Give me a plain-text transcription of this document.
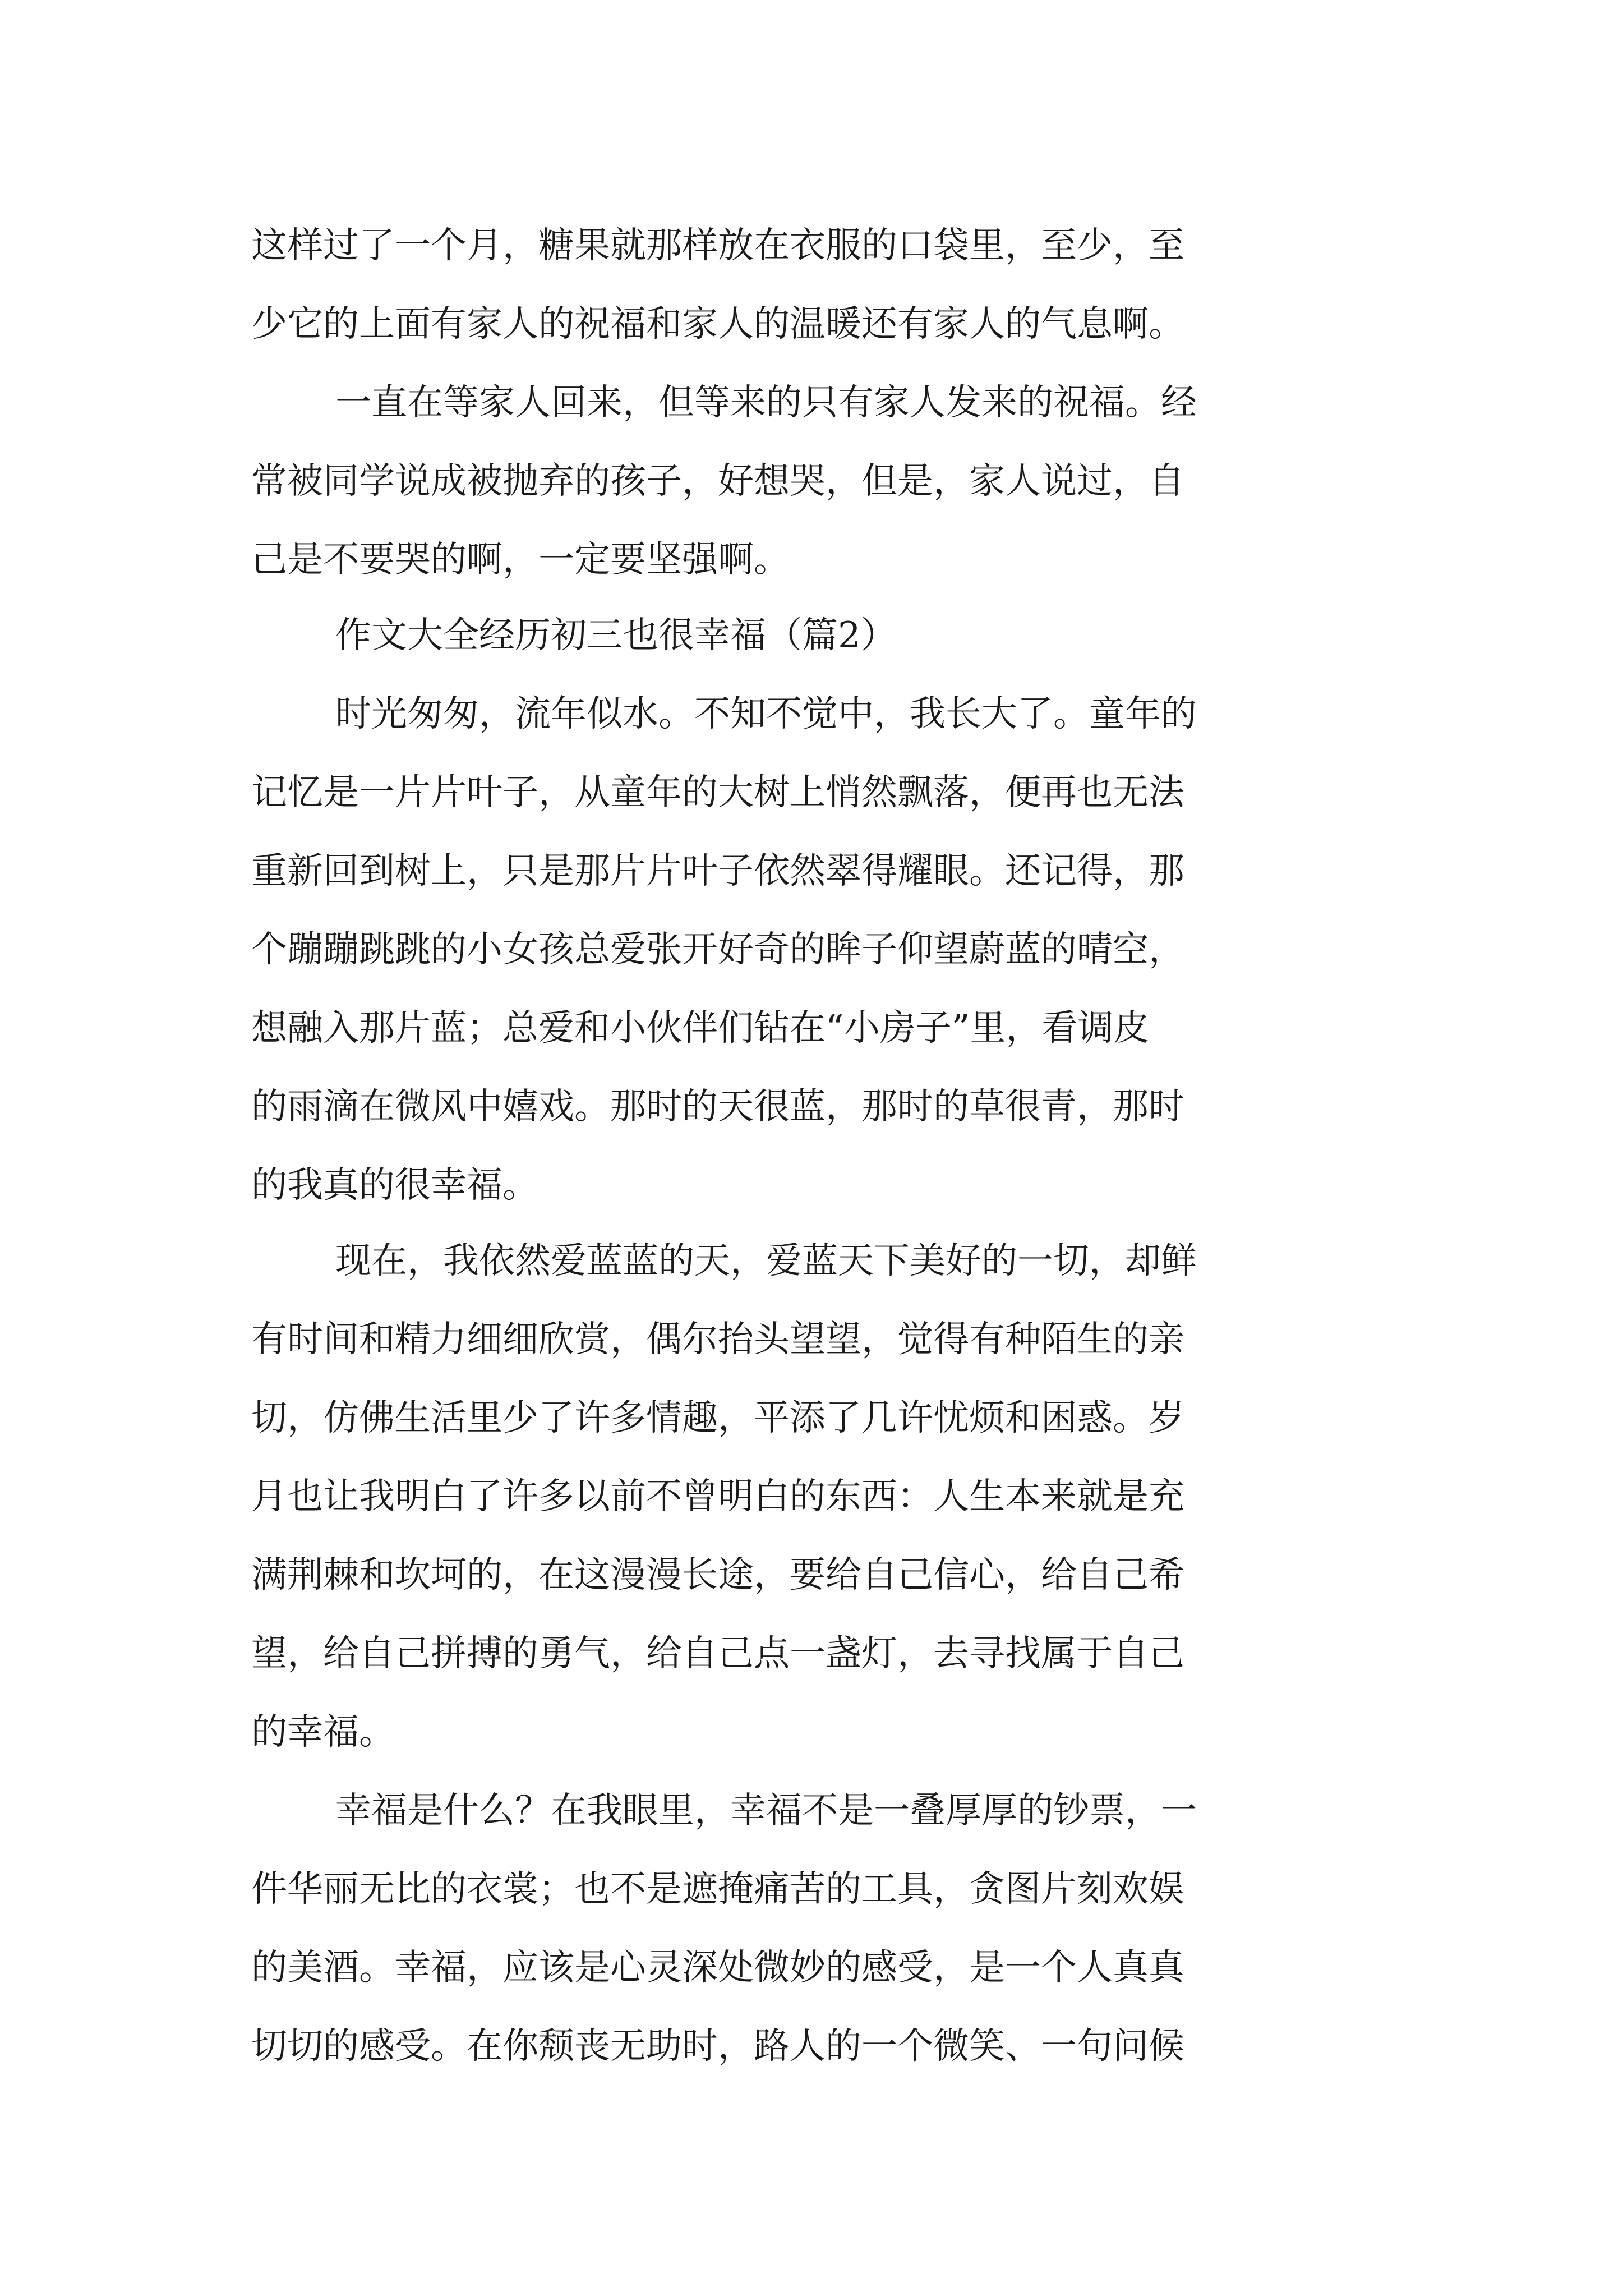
这样过了一个月，糖果就那样放在衣服的口袋里，至少，至
少它的上面有家人的祝福和家人的温暖还有家人的气息啊。
一直在等家人回来，但等来的只有家人发来的祝福。经
常被同学说成被抛弃的孩子，好想哭，但是，家人说过，自
己是不要哭的啊，一定要坚强啊。
作文大全经历初三也很幸福（篇2）
时光匆匆，流年似水。不知不觉中，我长大了。童年的
记忆是一片片叶子，从童年的大树上悄然飘落，便再也无法
重新回到树上，只是那片片叶子依然翠得耀眼。还记得，那
个蹦蹦跳跳的小女孩总爱张开好奇的眸子仰望蔚蓝的晴空，
想融入那片蓝；总爱和小伙伴们钻在“小房子”里，看调皮
的雨滴在微风中嬉戏。那时的天很蓝，那时的草很青，那时
的我真的很幸福。
现在，我依然爱蓝蓝的天，爱蓝天下美好的一切，却鲜
有时间和精力细细欣赏，偶尔抬头望望，觉得有种陌生的亲
切，仿佛生活里少了许多情趣，平添了几许忧烦和困惑。岁
月也让我明白了许多以前不曾明白的东西：人生本来就是充
满荆棘和坎坷的，在这漫漫长途，要给自己信心，给自己希
望，给自己拼搏的勇气，给自己点一盏灯，去寻找属于自己
的幸福。
幸福是什么？在我眼里，幸福不是一叠厚厚的钞票，一
件华丽无比的衣裳；也不是遮掩痛苦的工具，贪图片刻欢娱
的美酒。幸福，应该是心灵深处微妙的感受，是一个人真真
切切的感受。在你颓丧无助时，路人的一个微笑、一句问候
